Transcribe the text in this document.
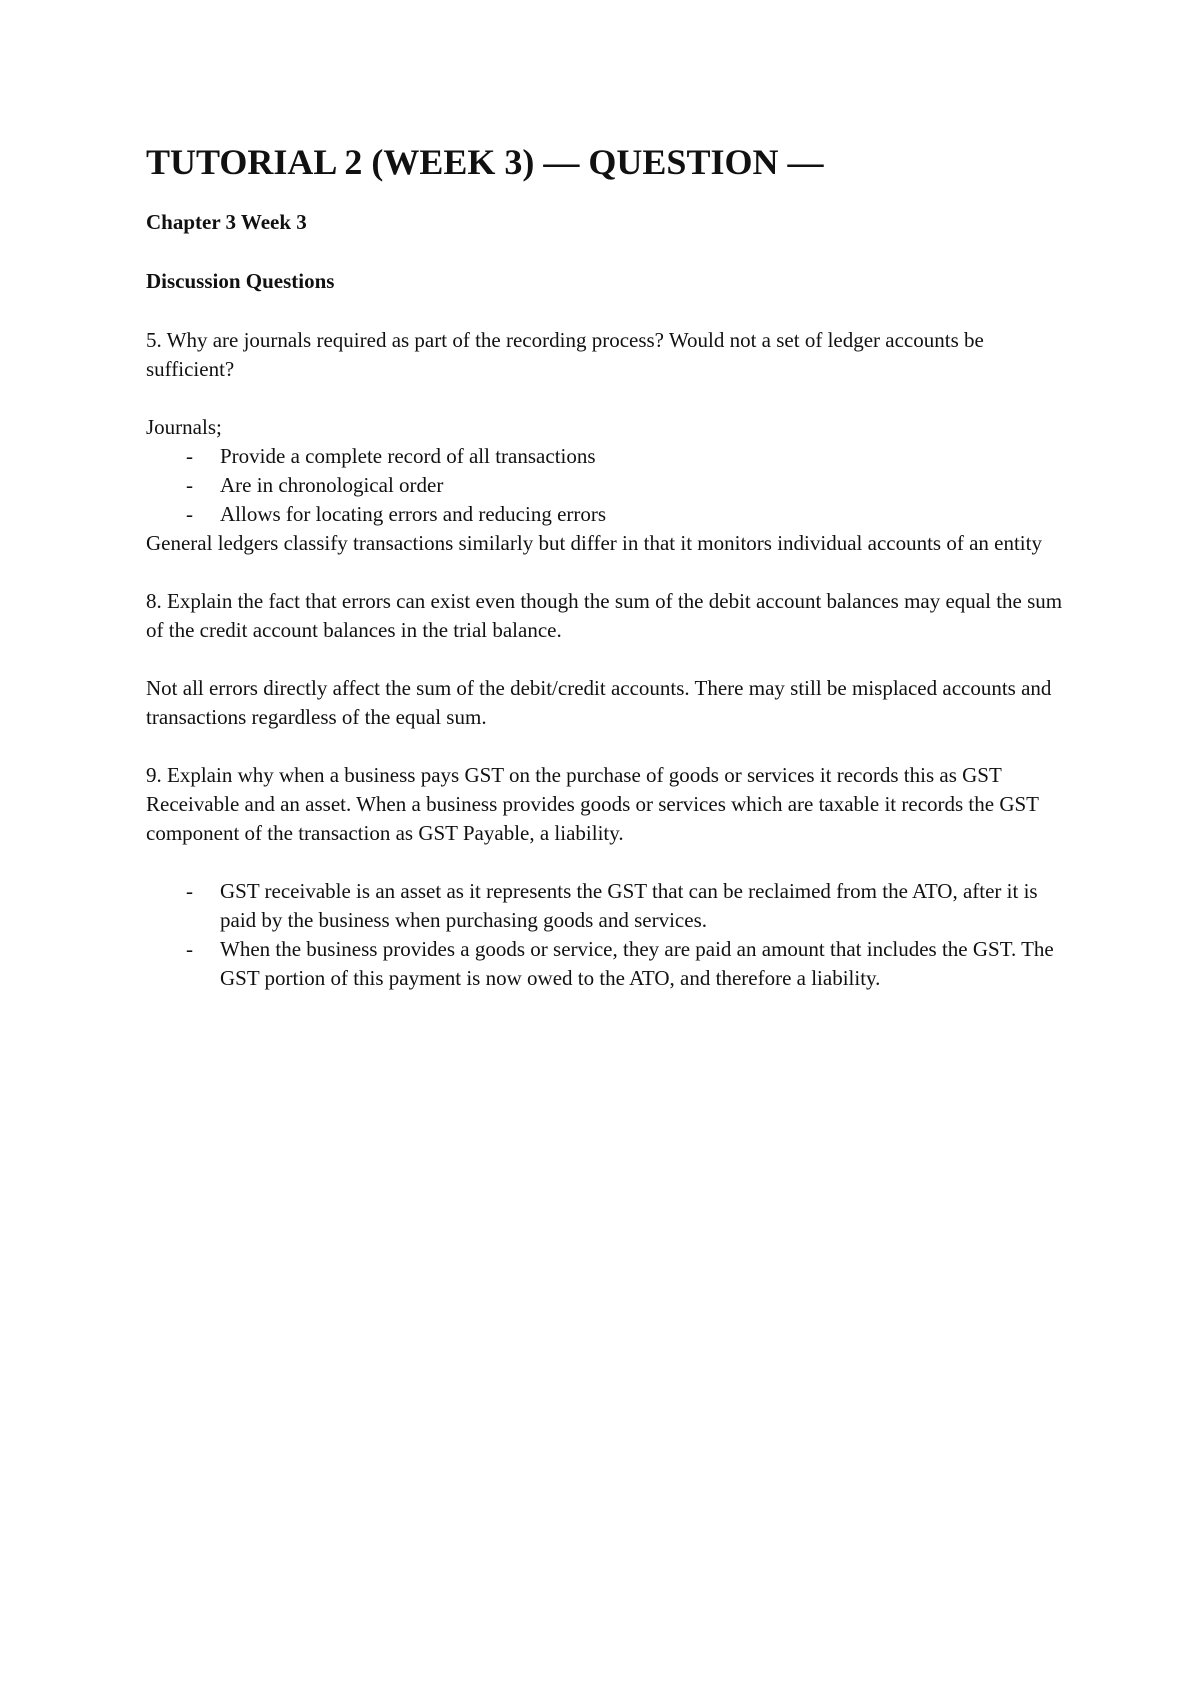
TUTORIAL 2 (WEEK 3) — QUESTION —

Chapter 3 Week 3

Discussion Questions

5. Why are journals required as part of the recording process? Would not a set of ledger accounts be sufficient?

Journals;

- Provide a complete record of all transactions
- Are in chronological order
- Allows for locating errors and reducing errors

General ledgers classify transactions similarly but differ in that it monitors individual accounts of an entity

8. Explain the fact that errors can exist even though the sum of the debit account balances may equal the sum of the credit account balances in the trial balance.

Not all errors directly affect the sum of the debit/credit accounts. There may still be misplaced accounts and transactions regardless of the equal sum.

9. Explain why when a business pays GST on the purchase of goods or services it records this as GST Receivable and an asset. When a business provides goods or services which are taxable it records the GST component of the transaction as GST Payable, a liability.

- GST receivable is an asset as it represents the GST that can be reclaimed from the ATO, after it is paid by the business when purchasing goods and services.
- When the business provides a goods or service, they are paid an amount that includes the GST. The GST portion of this payment is now owed to the ATO, and therefore a liability.
